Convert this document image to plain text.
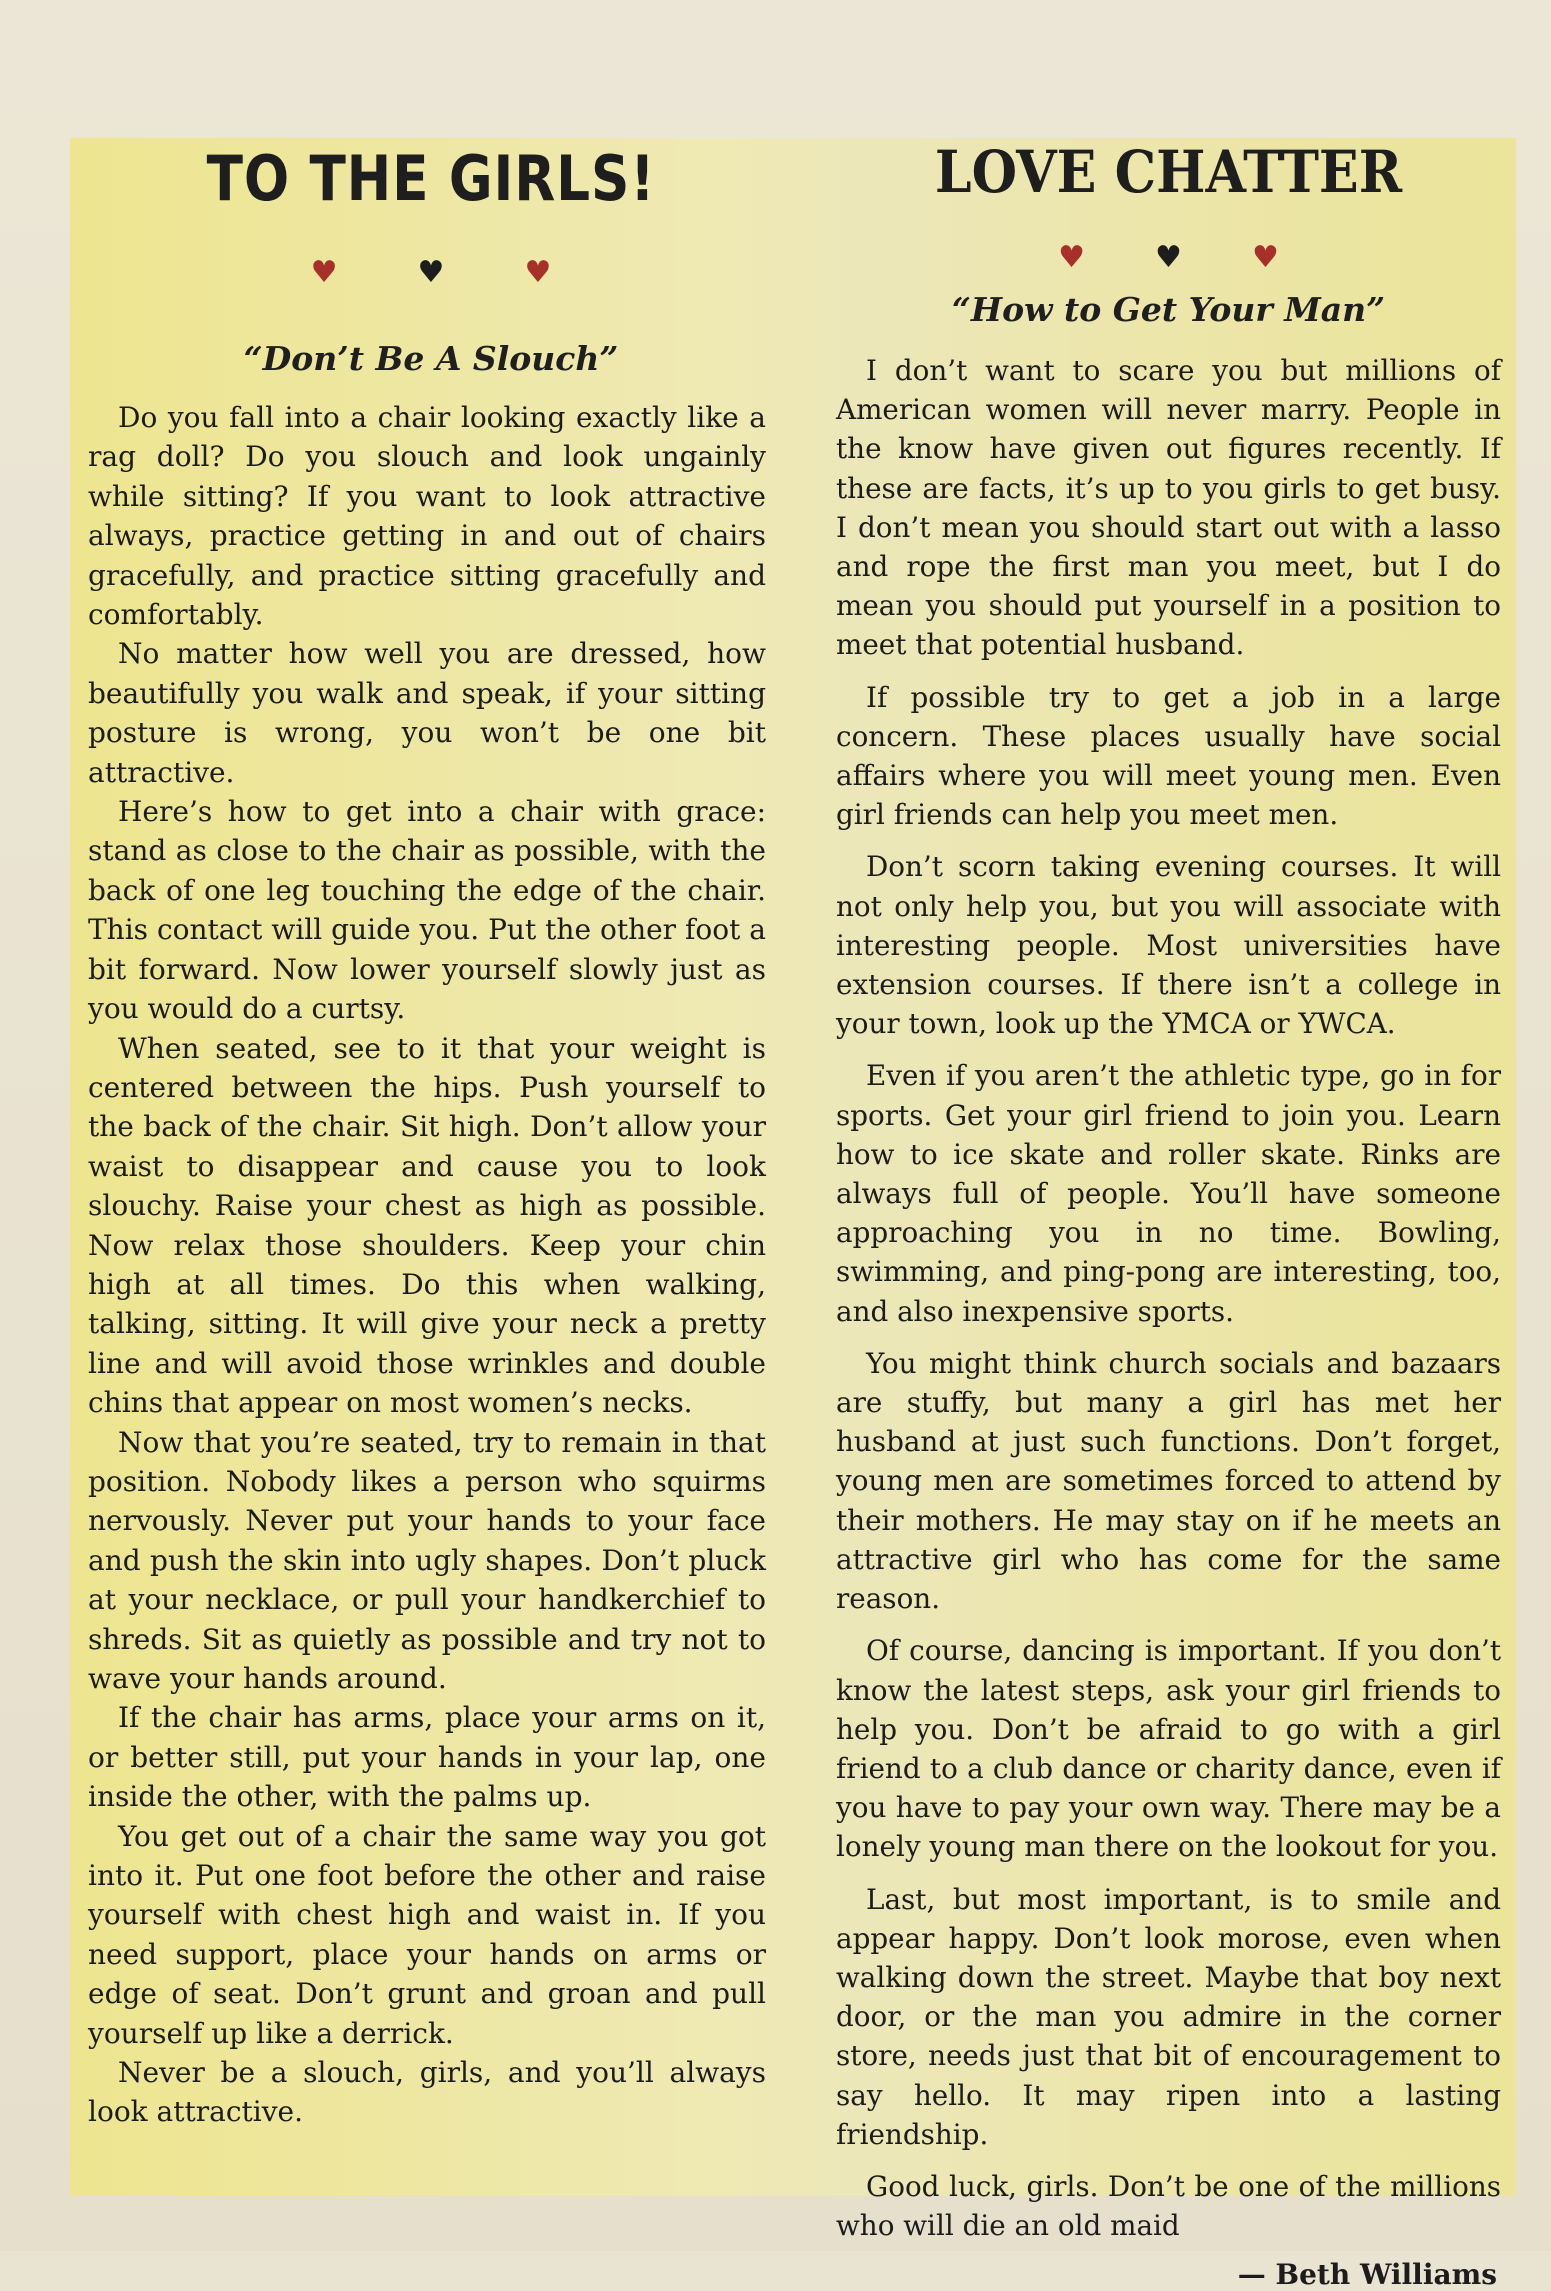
TO THE GIRLS!
♥	♥	♥
“Don’t Be A Slouch”

Do you fall into a chair looking exactly like a rag doll? Do you slouch and look ungainly while sitting? If you want to look attractive always, practice getting in and out of chairs gracefully, and practice sitting gracefully and comfortably.

No matter how well you are dressed, how beautifully you walk and speak, if your sitting posture is wrong, you won’t be one bit attractive.

Here’s how to get into a chair with grace: stand as close to the chair as possible, with the back of one leg touching the edge of the chair. This contact will guide you. Put the other foot a bit forward. Now lower yourself slowly just as you would do a curtsy.

When seated, see to it that your weight is centered between the hips. Push yourself to the back of the chair. Sit high. Don’t allow your waist to disappear and cause you to look slouchy. Raise your chest as high as possible. Now relax those shoulders. Keep your chin high at all times. Do this when walking, talking, sitting. It will give your neck a pretty line and will avoid those wrinkles and double chins that appear on most women’s necks.

Now that you’re seated, try to remain in that position. Nobody likes a person who squirms nervously. Never put your hands to your face and push the skin into ugly shapes. Don’t pluck at your necklace, or pull your handkerchief to shreds. Sit as quietly as possible and try not to wave your hands around.

If the chair has arms, place your arms on it, or better still, put your hands in your lap, one inside the other, with the palms up.

You get out of a chair the same way you got into it. Put one foot before the other and raise yourself with chest high and waist in. If you need support, place your hands on arms or edge of seat. Don’t grunt and groan and pull yourself up like a derrick.

Never be a slouch, girls, and you’ll always look attractive.

LOVE CHATTER
♥ ♥ ♥
“How to Get Your Man”

I don’t want to scare you but millions of American women will never marry. People in the know have given out figures recently. If these are facts, it’s up to you girls to get busy. I don’t mean you should start out with a lasso and rope the first man you meet, but I do mean you should put yourself in a position to meet that potential husband.

If possible try to get a job in a large concern. These places usually have social affairs where you will meet young men. Even girl friends can help you meet men.

Don’t scorn taking evening courses. It will not only help you, but you will associate with interesting people. Most universities have extension courses. If there isn’t a college in your town, look up the YMCA or YWCA.

Even if you aren’t the athletic type, go in for sports. Get your girl friend to join you. Learn how to ice skate and roller skate. Rinks are always full of people. You’ll have someone approaching you in no time. Bowling, swimming, and ping-pong are interesting, too, and also inexpensive sports.

You might think church socials and bazaars are stuffy, but many a girl has met her husband at just such functions. Don’t forget, young men are sometimes forced to attend by their mothers. He may stay on if he meets an attractive girl who has come for the same reason.

Of course, dancing is important. If you don’t know the latest steps, ask your girl friends to help you. Don’t be afraid to go with a girl friend to a club dance or charity dance, even if you have to pay your own way. There may be a lonely young man there on the lookout for you.

Last, but most important, is to smile and appear happy. Don’t look morose, even when walking down the street. Maybe that boy next door, or the man you admire in the corner store, needs just that bit of encouragement to say hello. It may ripen into a lasting friendship.

Good luck, girls. Don’t be one of the millions who will die an old maid

— Beth Williams
